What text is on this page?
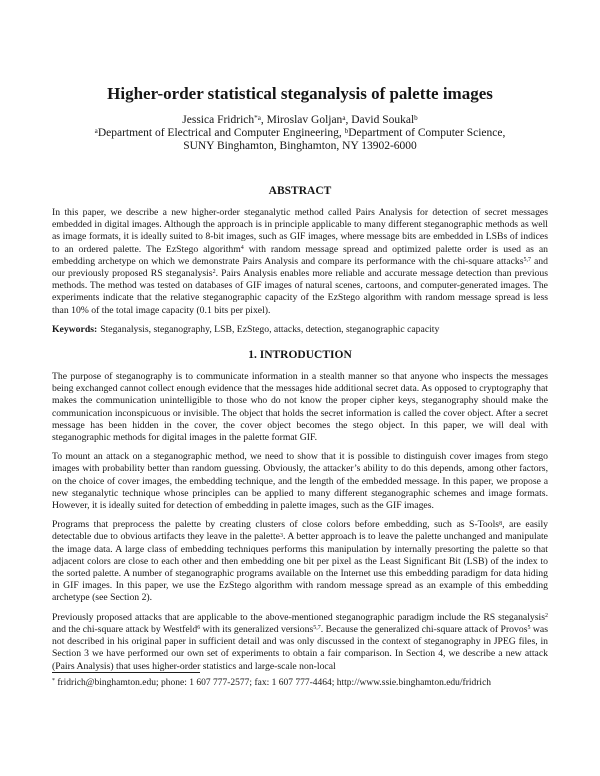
Higher-order statistical steganalysis of palette images
Jessica Fridrich$^{*a}$, Miroslav Goljan$^a$, David Soukal$^b$
$^a$Department of Electrical and Computer Engineering, $^b$Department of Computer Science,
SUNY Binghamton, Binghamton, NY 13902-6000
ABSTRACT

In this paper, we describe a new higher-order steganalytic method called Pairs Analysis for detection of secret messages embedded in digital images. Although the approach is in principle applicable to many different steganographic methods as well as image formats, it is ideally suited to 8-bit images, such as GIF images, where message bits are embedded in LSBs of indices to an ordered palette. The EzStego algorithm$^4$ with random message spread and optimized palette order is used as an embedding archetype on which we demonstrate Pairs Analysis and compare its performance with the chi-square attacks$^{5,7}$ and our previously proposed RS steganalysis$^2$. Pairs Analysis enables more reliable and accurate message detection than previous methods. The method was tested on databases of GIF images of natural scenes, cartoons, and computer-generated images. The experiments indicate that the relative steganographic capacity of the EzStego algorithm with random message spread is less than 10% of the total image capacity (0.1 bits per pixel).

Keywords: Steganalysis, steganography, LSB, EzStego, attacks, detection, steganographic capacity

1. INTRODUCTION

The purpose of steganography is to communicate information in a stealth manner so that anyone who inspects the messages being exchanged cannot collect enough evidence that the messages hide additional secret data. As opposed to cryptography that makes the communication unintelligible to those who do not know the proper cipher keys, steganography should make the communication inconspicuous or invisible. The object that holds the secret information is called the cover object. After a secret message has been hidden in the cover, the cover object becomes the stego object. In this paper, we will deal with steganographic methods for digital images in the palette format GIF.

To mount an attack on a steganographic method, we need to show that it is possible to distinguish cover images from stego images with probability better than random guessing. Obviously, the attacker’s ability to do this depends, among other factors, on the choice of cover images, the embedding technique, and the length of the embedded message. In this paper, we propose a new steganalytic technique whose principles can be applied to many different steganographic schemes and image formats. However, it is ideally suited for detection of embedding in palette images, such as the GIF images.

Programs that preprocess the palette by creating clusters of close colors before embedding, such as S-Tools$^8$, are easily detectable due to obvious artifacts they leave in the palette$^3$. A better approach is to leave the palette unchanged and manipulate the image data. A large class of embedding techniques performs this manipulation by internally presorting the palette so that adjacent colors are close to each other and then embedding one bit per pixel as the Least Significant Bit (LSB) of the index to the sorted palette. A number of steganographic programs available on the Internet use this embedding paradigm for data hiding in GIF images. In this paper, we use the EzStego algorithm with random message spread as an example of this embedding archetype (see Section 2).

Previously proposed attacks that are applicable to the above-mentioned steganographic paradigm include the RS steganalysis$^2$ and the chi-square attack by Westfeld$^6$ with its generalized versions$^{5,7}$. Because the generalized chi-square attack of Provos$^5$ was not described in his original paper in sufficient detail and was only discussed in the context of steganography in JPEG files, in Section 3 we have performed our own set of experiments to obtain a fair comparison. In Section 4, we describe a new attack (Pairs Analysis) that uses higher-order statistics and large-scale non-local

* fridrich@binghamton.edu; phone: 1 607 777-2577; fax: 1 607 777-4464; http://www.ssie.binghamton.edu/fridrich
